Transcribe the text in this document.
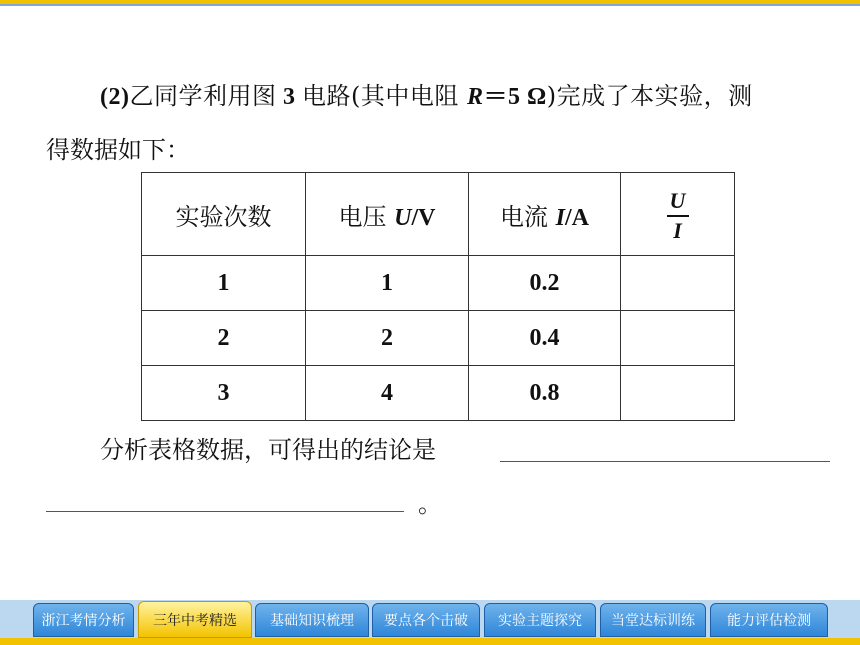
(2)乙同学利用图 3 电路(其中电阻 R＝5 Ω)完成了本实验，测
得数据如下：
实验次数	电压 U/V	电流 I/A	$\frac{U}{I}$

1	1	0.2	
2	2	0.4	
3	4	0.8	
分析表格数据，可得出的结论是
。
浙江考情分析	三年中考精选	基础知识梳理	要点各个击破	实验主题探究	当堂达标训练	能力评估检测
